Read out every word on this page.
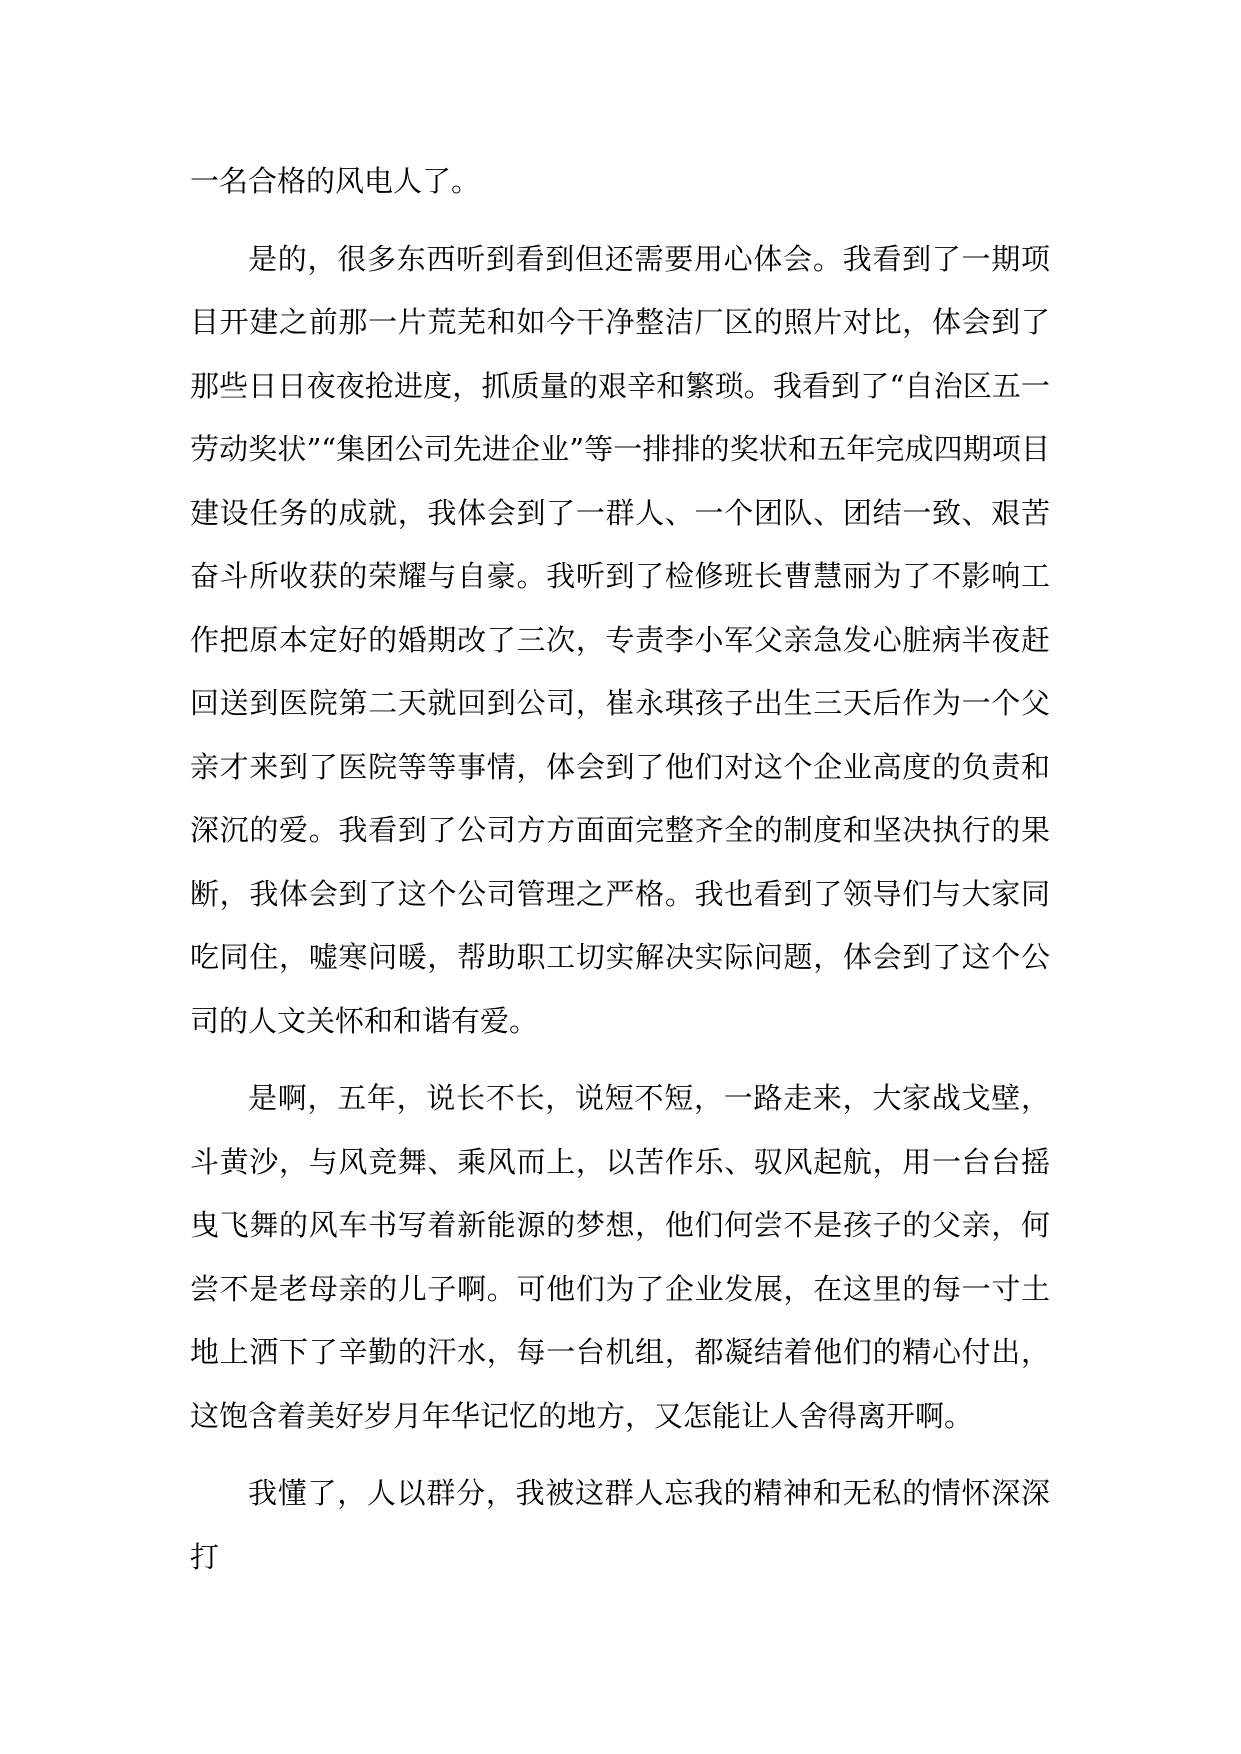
一名合格的风电人了。

是的，很多东西听到看到但还需要用心体会。我看到了一期项目开建之前那一片荒芜和如今干净整洁厂区的照片对比，体会到了那些日日夜夜抢进度，抓质量的艰辛和繁琐。我看到了“自治区五一劳动奖状”“集团公司先进企业”等一排排的奖状和五年完成四期项目建设任务的成就，我体会到了一群人、一个团队、团结一致、艰苦奋斗所收获的荣耀与自豪。我听到了检修班长曹慧丽为了不影响工作把原本定好的婚期改了三次，专责李小军父亲急发心脏病半夜赶回送到医院第二天就回到公司，崔永琪孩子出生三天后作为一个父亲才来到了医院等等事情，体会到了他们对这个企业高度的负责和深沉的爱。我看到了公司方方面面完整齐全的制度和坚决执行的果断，我体会到了这个公司管理之严格。我也看到了领导们与大家同吃同住，嘘寒问暖，帮助职工切实解决实际问题，体会到了这个公司的人文关怀和和谐有爱。

是啊，五年，说长不长，说短不短，一路走来，大家战戈壁，斗黄沙，与风竞舞、乘风而上，以苦作乐、驭风起航，用一台台摇曳飞舞的风车书写着新能源的梦想，他们何尝不是孩子的父亲，何尝不是老母亲的儿子啊。可他们为了企业发展，在这里的每一寸土地上洒下了辛勤的汗水，每一台机组，都凝结着他们的精心付出，这饱含着美好岁月年华记忆的地方，又怎能让人舍得离开啊。

我懂了，人以群分，我被这群人忘我的精神和无私的情怀深深打
